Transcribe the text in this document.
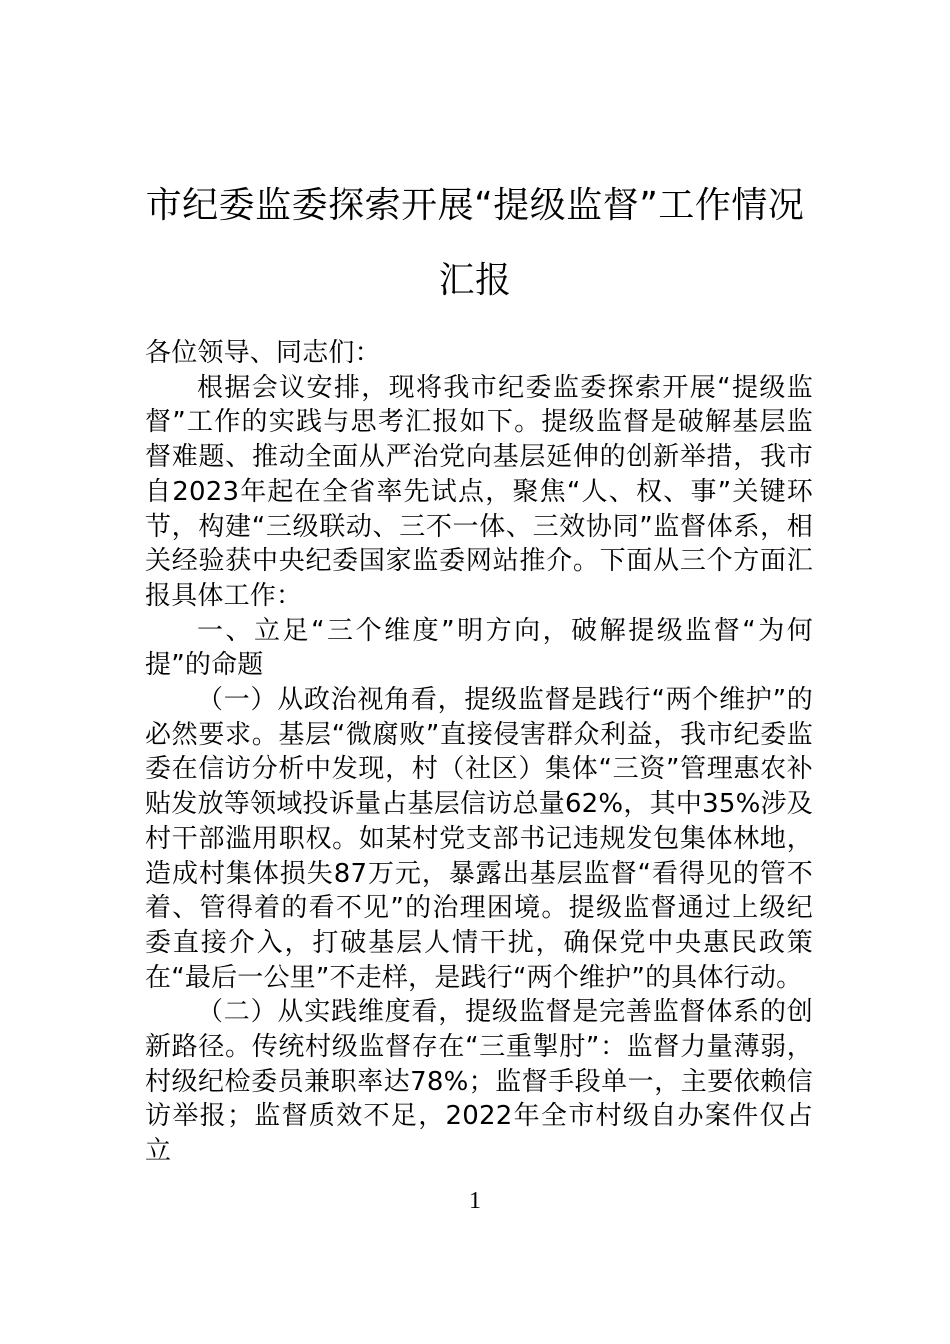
市纪委监委探索开展“提级监督”工作情况汇报

各位领导、同志们：

根据会议安排，现将我市纪委监委探索开展“提级监督”工作的实践与思考汇报如下。提级监督是破解基层监督难题、推动全面从严治党向基层延伸的创新举措，我市自2023年起在全省率先试点，聚焦“人、权、事”关键环节，构建“三级联动、三不一体、三效协同”监督体系，相关经验获中央纪委国家监委网站推介。下面从三个方面汇报具体工作：

一、立足“三个维度”明方向，破解提级监督“为何提”的命题

（一）从政治视角看，提级监督是践行“两个维护”的必然要求。基层“微腐败”直接侵害群众利益，我市纪委监委在信访分析中发现，村（社区）集体“三资”管理惠农补贴发放等领域投诉量占基层信访总量62%，其中35%涉及村干部滥用职权。如某村党支部书记违规发包集体林地，造成村集体损失87万元，暴露出基层监督“看得见的管不着、管得着的看不见”的治理困境。提级监督通过上级纪委直接介入，打破基层人情干扰，确保党中央惠民政策在“最后一公里”不走样，是践行“两个维护”的具体行动。

（二）从实践维度看，提级监督是完善监督体系的创新路径。传统村级监督存在“三重掣肘”：监督力量薄弱，村级纪检委员兼职率达78%；监督手段单一，主要依赖信访举报；监督质效不足，2022年全市村级自办案件仅占立

1
